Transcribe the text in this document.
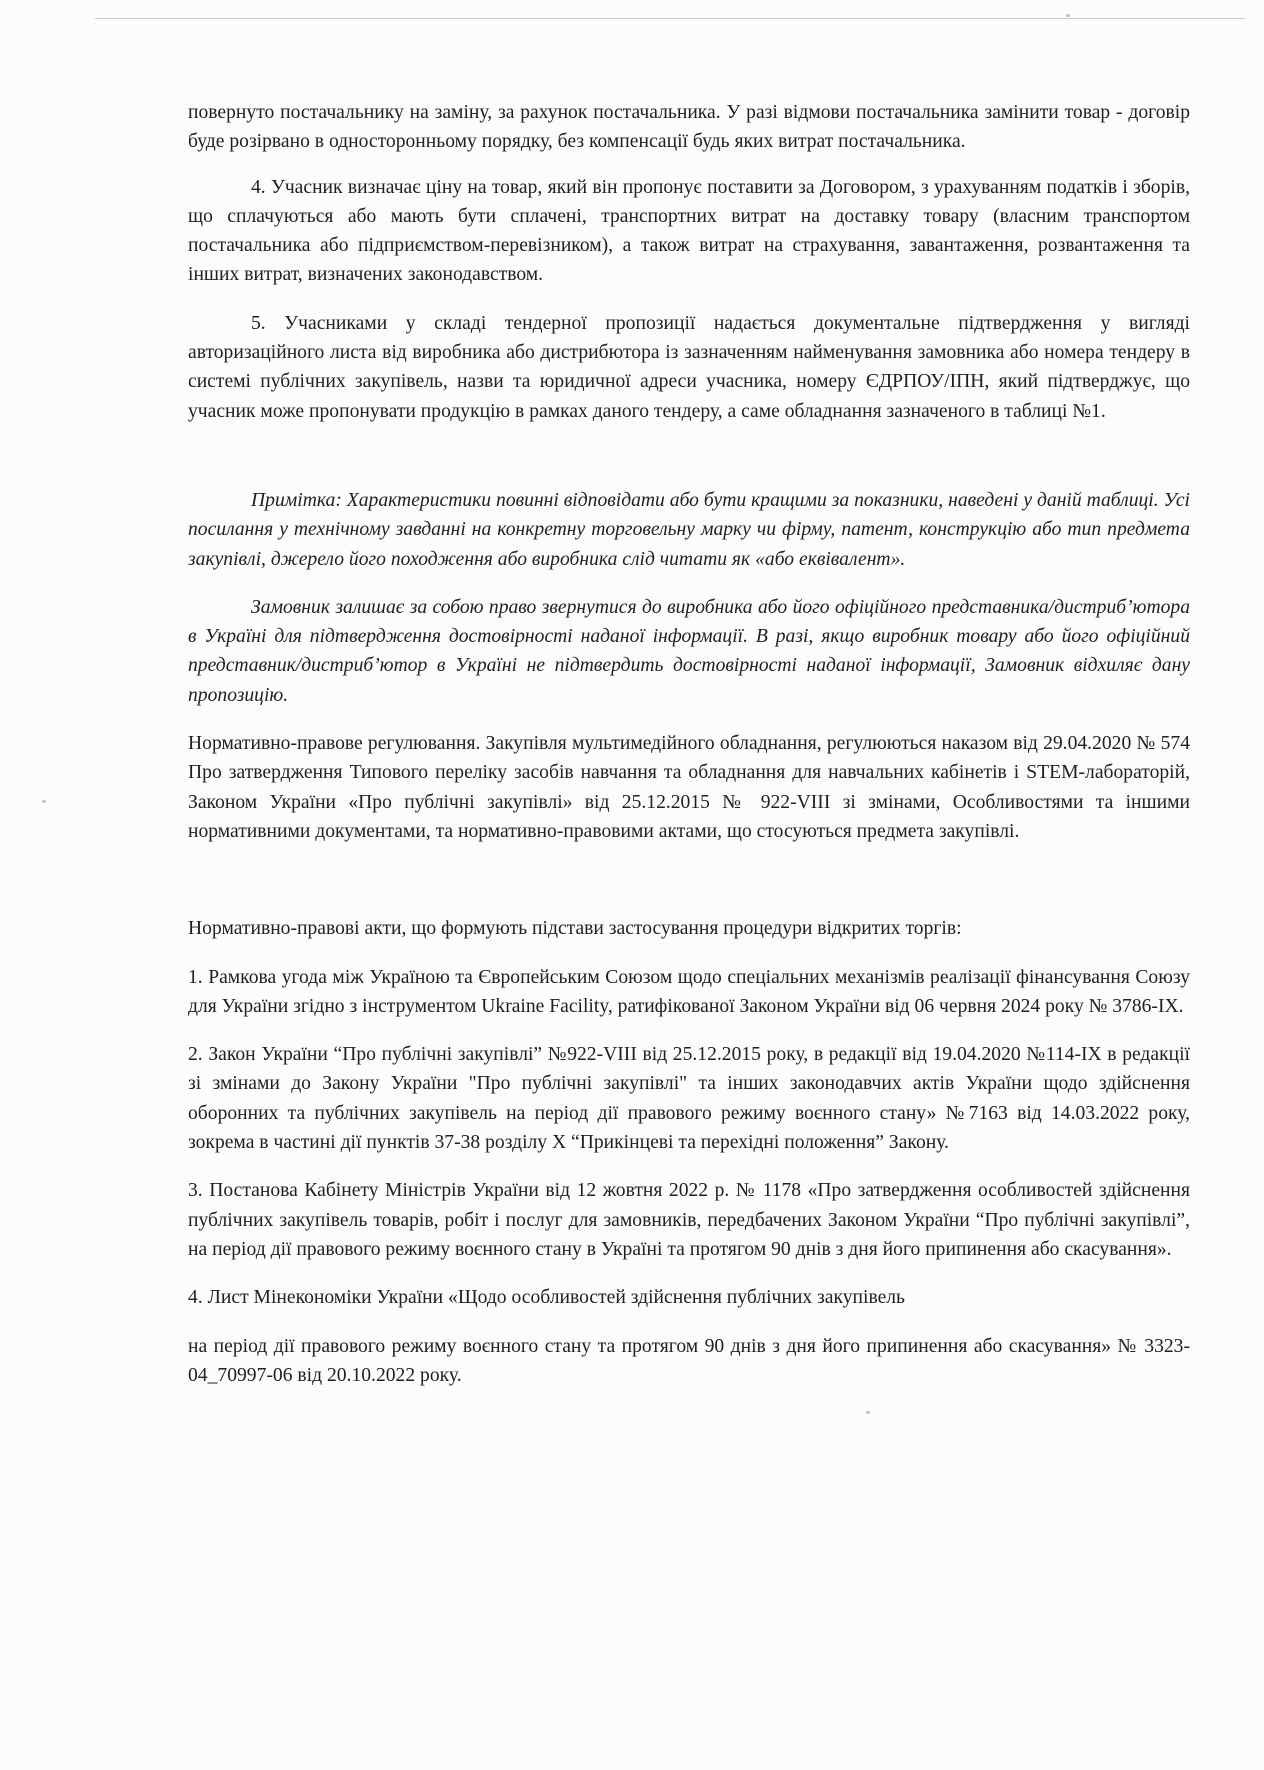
повернуто постачальнику на заміну, за рахунок постачальника. У разі відмови постачальника замінити товар - договір буде розірвано в односторонньому порядку, без компенсації будь яких витрат постачальника.

4. Учасник визначає ціну на товар, який він пропонує поставити за Договором, з урахуванням податків і зборів, що сплачуються або мають бути сплачені, транспортних витрат на доставку товару (власним транспортом постачальника або підприємством-перевізником), а також витрат на страхування, завантаження, розвантаження та інших витрат, визначених законодавством.

5. Учасниками у складі тендерної пропозиції надається документальне підтвердження у вигляді авторизаційного листа від виробника або дистрибютора із зазначенням найменування замовника або номера тендеру в системі публічних закупівель, назви та юридичної адреси учасника, номеру ЄДРПОУ/ІПН, який підтверджує, що учасник може пропонувати продукцію в рамках даного тендеру, а саме обладнання зазначеного в таблиці №1.

Примітка: Характеристики повинні відповідати або бути кращими за показники, наведені у даній таблиці. Усі посилання у технічному завданні на конкретну торговельну марку чи фірму, патент, конструкцію або тип предмета закупівлі, джерело його походження або виробника слід читати як «або еквівалент».

Замовник залишає за собою право звернутися до виробника або його офіційного представника/дистриб’ютора в Україні для підтвердження достовірності наданої інформації. В разі, якщо виробник товару або його офіційний представник/дистриб’ютор в Україні не підтвердить достовірності наданої інформації, Замовник відхиляє дану пропозицію.

Нормативно-правове регулювання. Закупівля мультимедійного обладнання, регулюються наказом від 29.04.2020 № 574 Про затвердження Типового переліку засобів навчання та обладнання для навчальних кабінетів і STEM-лабораторій, Законом України «Про публічні закупівлі» від 25.12.2015 № 922-VIII зі змінами, Особливостями та іншими нормативними документами, та нормативно-правовими актами, що стосуються предмета закупівлі.

Нормативно-правові акти, що формують підстави застосування процедури відкритих торгів:

1. Рамкова угода між Україною та Європейським Союзом щодо спеціальних механізмів реалізації фінансування Союзу для України згідно з інструментом Ukraine Facility, ратифікованої Законом України від 06 червня 2024 року № 3786-ІХ.

2. Закон України “Про публічні закупівлі” №922-VIII від 25.12.2015 року, в редакції від 19.04.2020 №114-IX в редакції зі змінами до Закону України "Про публічні закупівлі" та інших законодавчих актів України щодо здійснення оборонних та публічних закупівель на період дії правового режиму воєнного стану» №7163 від 14.03.2022 року, зокрема в частині дії пунктів 37-38 розділу Х “Прикінцеві та перехідні положення” Закону.

3. Постанова Кабінету Міністрів України від 12 жовтня 2022 р. № 1178 «Про затвердження особливостей здійснення публічних закупівель товарів, робіт і послуг для замовників, передбачених Законом України “Про публічні закупівлі”, на період дії правового режиму воєнного стану в Україні та протягом 90 днів з дня його припинення або скасування».

4. Лист Мінекономіки України «Щодо особливостей здійснення публічних закупівель

на період дії правового режиму воєнного стану та протягом 90 днів з дня його припинення або скасування» № 3323-04_70997-06 від 20.10.2022 року.
